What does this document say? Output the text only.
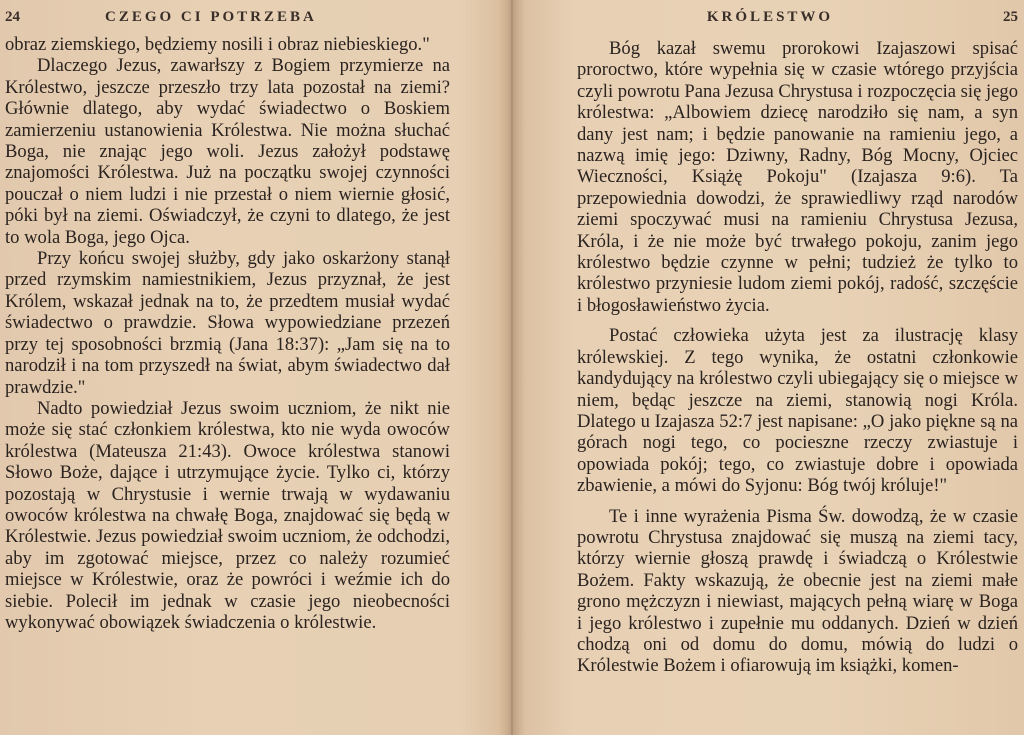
24	CZEGO CI POTRZEBA

obraz ziemskiego, będziemy nosili i obraz niebieskiego."

Dlaczego Jezus, zawarłszy z Bogiem przymierze na Królestwo, jeszcze przeszło trzy lata pozostał na ziemi? Głównie dlatego, aby wydać świadectwo o Boskiem zamierzeniu ustanowienia Królestwa. Nie można słuchać Boga, nie znając jego woli. Jezus założył podstawę znajomości Królestwa. Już na początku swojej czynności pouczał o niem ludzi i nie przestał o niem wiernie głosić, póki był na ziemi. Oświadczył, że czyni to dlatego, że jest to wola Boga, jego Ojca.

Przy końcu swojej służby, gdy jako oskarżony stanął przed rzymskim namiestnikiem, Jezus przyznał, że jest Królem, wskazał jednak na to, że przedtem musiał wydać świadectwo o prawdzie. Słowa wypowiedziane przezeń przy tej sposobności brzmią (Jana 18:37): „Jam się na to narodził i na tom przyszedł na świat, abym świadectwo dał prawdzie."

Nadto powiedział Jezus swoim uczniom, że nikt nie może się stać członkiem królestwa, kto nie wyda owoców królestwa (Mateusza 21:43). Owoce królestwa stanowi Słowo Boże, dające i utrzymujące życie. Tylko ci, którzy pozostają w Chrystusie i wernie trwają w wydawaniu owoców królestwa na chwałę Boga, znajdować się będą w Królestwie. Jezus powiedział swoim uczniom, że odchodzi, aby im zgotować miejsce, przez co należy rozumieć miejsce w Królestwie, oraz że powróci i weźmie ich do siebie. Polecił im jednak w czasie jego nieobecności wykonywać obowiązek świadczenia o królestwie.

KRÓLESTWO	25

Bóg kazał swemu prorokowi Izajaszowi spisać proroctwo, które wypełnia się w czasie wtórego przyjścia czyli powrotu Pana Jezusa Chrystusa i rozpoczęcia się jego królestwa: „Albowiem dziecę narodziło się nam, a syn dany jest nam; i będzie panowanie na ramieniu jego, a nazwą imię jego: Dziwny, Radny, Bóg Mocny, Ojciec Wieczności, Książę Pokoju" (Izajasza 9:6). Ta przepowiednia dowodzi, że sprawiedliwy rząd narodów ziemi spoczywać musi na ramieniu Chrystusa Jezusa, Króla, i że nie może być trwałego pokoju, zanim jego królestwo będzie czynne w pełni; tudzież że tylko to królestwo przyniesie ludom ziemi pokój, radość, szczęście i błogosławieństwo życia.

Postać człowieka użyta jest za ilustrację klasy królewskiej. Z tego wynika, że ostatni członkowie kandydujący na królestwo czyli ubiegający się o miejsce w niem, będąc jeszcze na ziemi, stanowią nogi Króla. Dlatego u Izajasza 52:7 jest napisane: „O jako piękne są na górach nogi tego, co pocieszne rzeczy zwiastuje i opowiada pokój; tego, co zwiastuje dobre i opowiada zbawienie, a mówi do Syjonu: Bóg twój króluje!"

Te i inne wyrażenia Pisma Św. dowodzą, że w czasie powrotu Chrystusa znajdować się muszą na ziemi tacy, którzy wiernie głoszą prawdę i świadczą o Królestwie Bożem. Fakty wskazują, że obecnie jest na ziemi małe grono mężczyzn i niewiast, mających pełną wiarę w Boga i jego królestwo i zupełnie mu oddanych. Dzień w dzień chodzą oni od domu do domu, mówią do ludzi o Królestwie Bożem i ofiarowują im książki, komen-
